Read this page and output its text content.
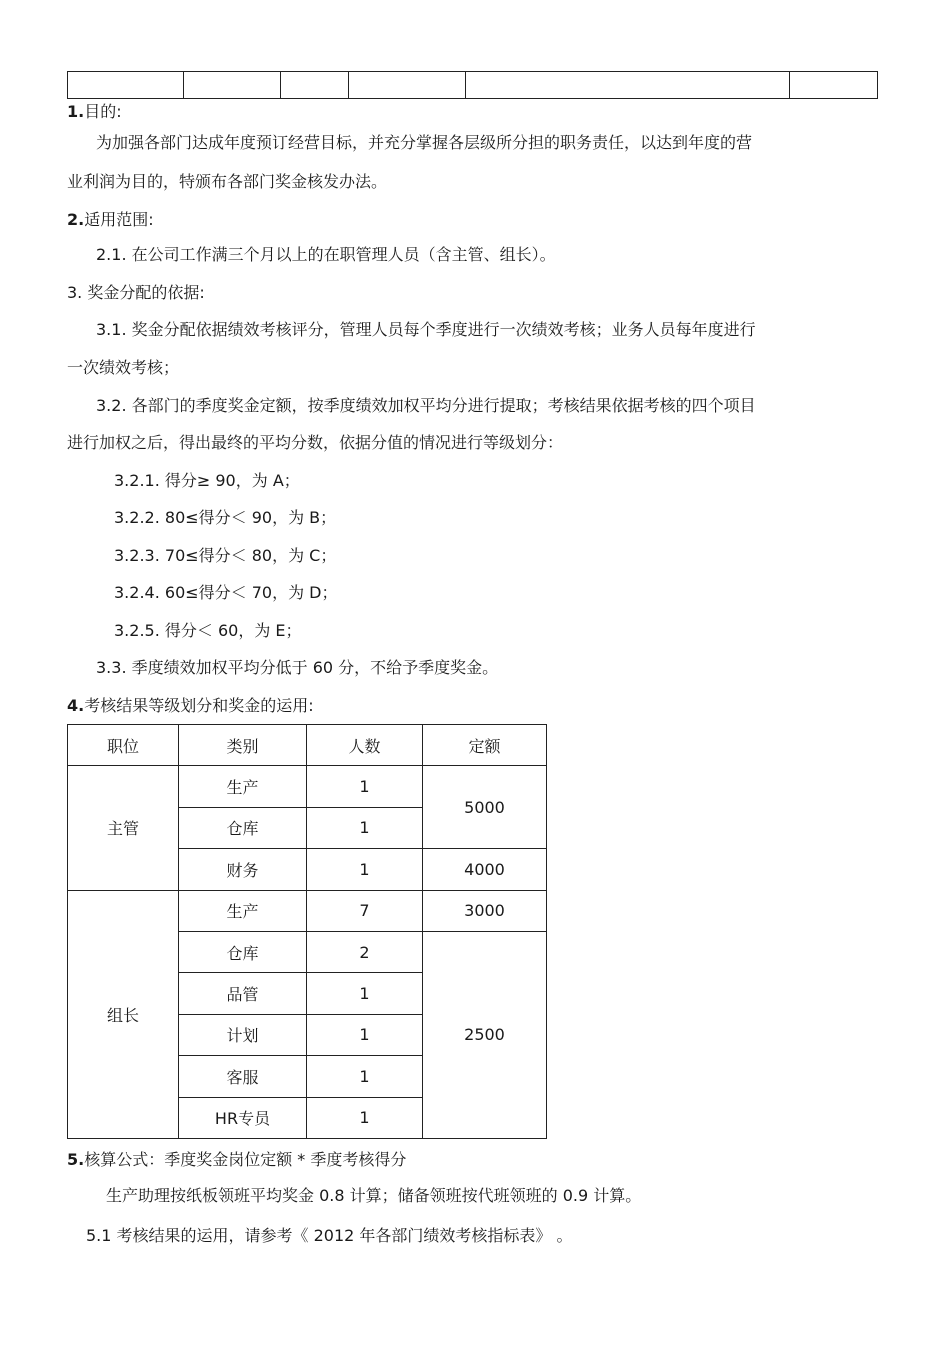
1.目的:
为加强各部门达成年度预订经营目标，并充分掌握各层级所分担的职务责任，以达到年度的营
业利润为目的，特颁布各部门奖金核发办法。
2.适用范围:
2.1. 在公司工作满三个月以上的在职管理人员（含主管、组长）。
3. 奖金分配的依据:
3.1. 奖金分配依据绩效考核评分，管理人员每个季度进行一次绩效考核；业务人员每年度进行
一次绩效考核；
3.2. 各部门的季度奖金定额，按季度绩效加权平均分进行提取；考核结果依据考核的四个项目
进行加权之后，得出最终的平均分数，依据分值的情况进行等级划分：
3.2.1. 得分≥ 90，为 A；
3.2.2. 80≤得分＜ 90，为 B；
3.2.3. 70≤得分＜ 80，为 C；
3.2.4. 60≤得分＜ 70，为 D；
3.2.5. 得分＜ 60，为 E；
3.3. 季度绩效加权平均分低于 60 分，不给予季度奖金。
4.考核结果等级划分和奖金的运用:
职位	类别	人数	定额
主管	生产	1	5000
	仓库	1	
	财务	1	4000
组长	生产	7	3000
	仓库	2	2500
	品管	1	
	计划	1	
	客服	1	
	HR专员	1	
5.核算公式：季度奖金岗位定额 * 季度考核得分
生产助理按纸板领班平均奖金 0.8 计算；储备领班按代班领班的 0.9 计算。
5.1 考核结果的运用，请参考《 2012 年各部门绩效考核指标表》 。
